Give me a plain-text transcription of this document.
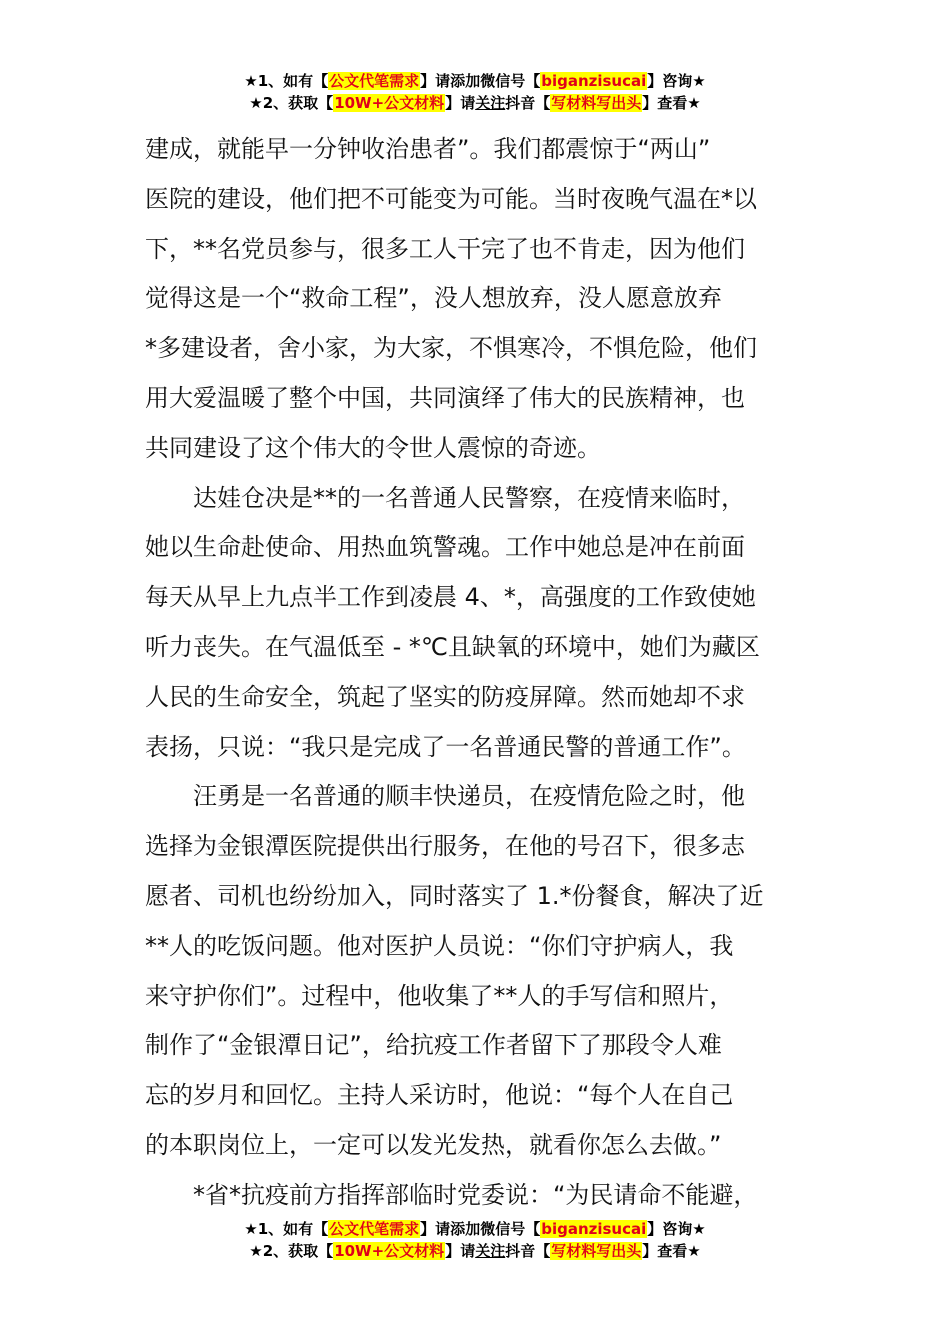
★1、如有【公文代笔需求】请添加微信号【biganzisucai】咨询★
★2、获取【10W+公文材料】请关注抖音【写材料写出头】查看★
建成，就能早一分钟收治患者”。我们都震惊于“两山”
医院的建设，他们把不可能变为可能。当时夜晚气温在*以
下，**名党员参与，很多工人干完了也不肯走，因为他们
觉得这是一个“救命工程”，没人想放弃，没人愿意放弃
*多建设者，舍小家，为大家，不惧寒冷，不惧危险，他们
用大爱温暖了整个中国，共同演绎了伟大的民族精神，也
共同建设了这个伟大的令世人震惊的奇迹。
达娃仓决是**的一名普通人民警察，在疫情来临时，
她以生命赴使命、用热血筑警魂。工作中她总是冲在前面
每天从早上九点半工作到凌晨 4、*，高强度的工作致使她
听力丧失。在气温低至 - *℃且缺氧的环境中，她们为藏区
人民的生命安全，筑起了坚实的防疫屏障。然而她却不求
表扬，只说：“我只是完成了一名普通民警的普通工作”。
汪勇是一名普通的顺丰快递员，在疫情危险之时，他
选择为金银潭医院提供出行服务，在他的号召下，很多志
愿者、司机也纷纷加入，同时落实了 1.*份餐食，解决了近
**人的吃饭问题。他对医护人员说：“你们守护病人，我
来守护你们”。过程中，他收集了**人的手写信和照片，
制作了“金银潭日记”，给抗疫工作者留下了那段令人难
忘的岁月和回忆。主持人采访时，他说：“每个人在自己
的本职岗位上，一定可以发光发热，就看你怎么去做。”
*省*抗疫前方指挥部临时党委说：“为民请命不能避，
★1、如有【公文代笔需求】请添加微信号【biganzisucai】咨询★
★2、获取【10W+公文材料】请关注抖音【写材料写出头】查看★
